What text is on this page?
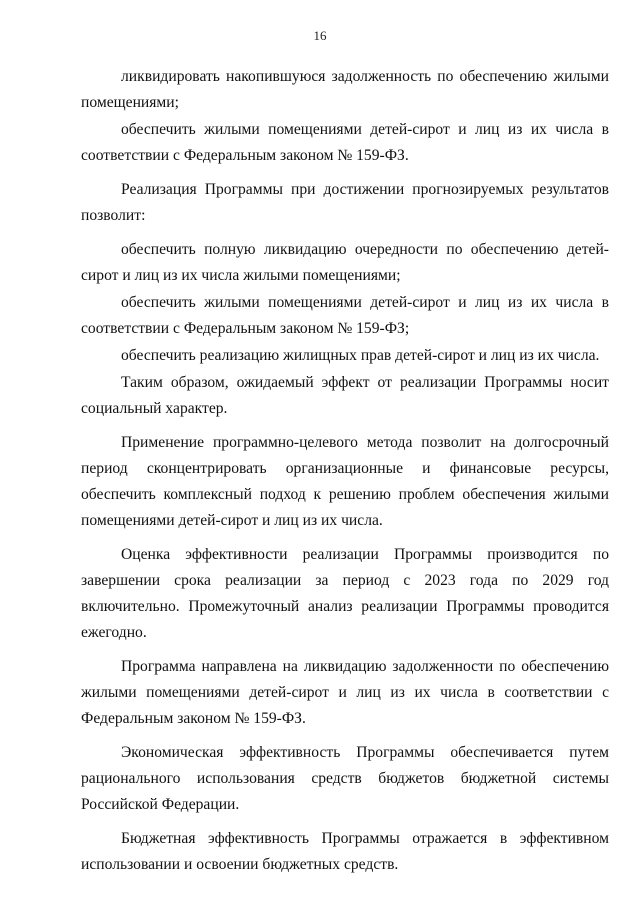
16

ликвидировать накопившуюся задолженность по обеспечению жилыми помещениями;

обеспечить жилыми помещениями детей-сирот и лиц из их числа в соответствии с Федеральным законом № 159-ФЗ.

Реализация Программы при достижении прогнозируемых результатов позволит:

обеспечить полную ликвидацию очередности по обеспечению детей-сирот и лиц из их числа жилыми помещениями;

обеспечить жилыми помещениями детей-сирот и лиц из их числа в соответствии с Федеральным законом № 159-ФЗ;

обеспечить реализацию жилищных прав детей-сирот и лиц из их числа.

Таким образом, ожидаемый эффект от реализации Программы носит социальный характер.

Применение программно-целевого метода позволит на долгосрочный период сконцентрировать организационные и финансовые ресурсы, обеспечить комплексный подход к решению проблем обеспечения жилыми помещениями детей-сирот и лиц из их числа.

Оценка эффективности реализации Программы производится по завершении срока реализации за период с 2023 года по 2029 год включительно. Промежуточный анализ реализации Программы проводится ежегодно.

Программа направлена на ликвидацию задолженности по обеспечению жилыми помещениями детей-сирот и лиц из их числа в соответствии с Федеральным законом № 159-ФЗ.

Экономическая эффективность Программы обеспечивается путем рационального использования средств бюджетов бюджетной системы Российской Федерации.

Бюджетная эффективность Программы отражается в эффективном использовании и освоении бюджетных средств.
